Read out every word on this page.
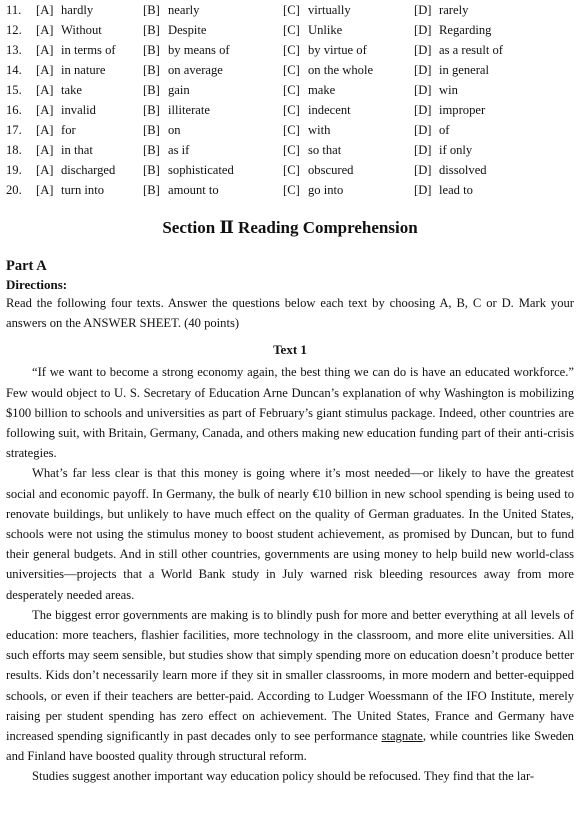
11.	[A] hardly	[B] nearly	[C] virtually	[D] rarely
12.	[A] Without	[B] Despite	[C] Unlike	[D] Regarding
13.	[A] in terms of [B] by means of	[C] by virtue of	[D] as a result of
14.	[A] in nature	[B] on average	[C] on the whole	[D] in general
15.	[A] take	[B] gain	[C] make	[D] win
16.	[A] invalid	[B] illiterate	[C] indecent	[D] improper
17.	[A] for	[B] on	[C] with	[D] of
18.	[A] in that	[B] as if	[C] so that	[D] if only
19.	[A] discharged [B] sophisticated	[C] obscured	[D] dissolved
20.	[A] turn into	[B] amount to	[C] go into	[D] lead to
Section Ⅱ Reading Comprehension
Part A
Directions:
Read the following four texts. Answer the questions below each text by choosing A, B, C or D. Mark your answers on the ANSWER SHEET. (40 points)
Text 1
“If we want to become a strong economy again, the best thing we can do is have an educated workforce.” Few would object to U. S. Secretary of Education Arne Duncan’s explanation of why Washington is mobilizing $100 billion to schools and universities as part of February’s giant stimulus package. Indeed, other countries are following suit, with Britain, Germany, Canada, and others making new education funding part of their anti-crisis strategies.
What’s far less clear is that this money is going where it’s most needed—or likely to have the greatest social and economic payoff. In Germany, the bulk of nearly €10 billion in new school spending is being used to renovate buildings, but unlikely to have much effect on the quality of German graduates. In the United States, schools were not using the stimulus money to boost student achievement, as promised by Duncan, but to fund their general budgets. And in still other countries, governments are using money to help build new world-class universities—projects that a World Bank study in July warned risk bleeding resources away from more desperately needed areas.
The biggest error governments are making is to blindly push for more and better everything at all levels of education: more teachers, flashier facilities, more technology in the classroom, and more elite universities. All such efforts may seem sensible, but studies show that simply spending more on education doesn’t produce better results. Kids don’t necessarily learn more if they sit in smaller classrooms, in more modern and better-equipped schools, or even if their teachers are better-paid. According to Ludger Woessmann of the IFO Institute, merely raising per student spending has zero effect on achievement. The United States, France and Germany have increased spending significantly in past decades only to see performance stagnate, while countries like Sweden and Finland have boosted quality through structural reform.
Studies suggest another important way education policy should be refocused. They find that the lar-
